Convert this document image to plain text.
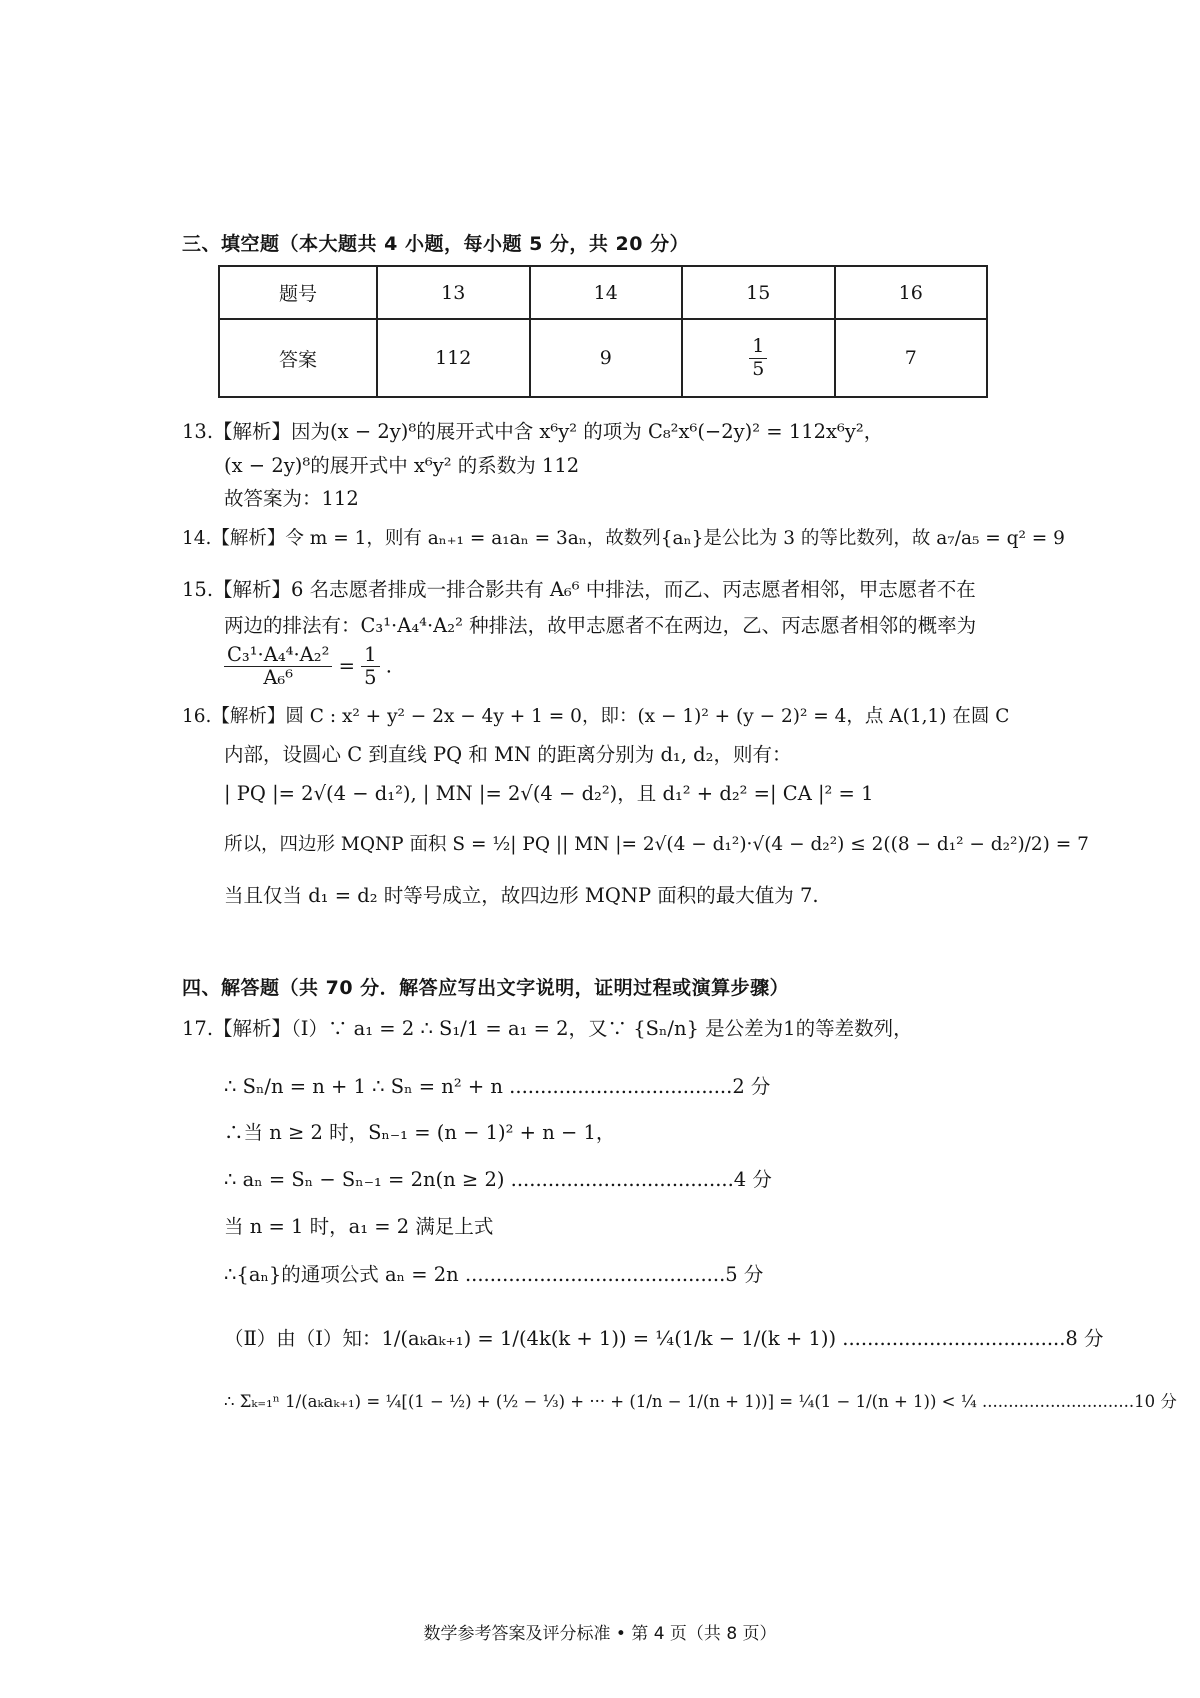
三、填空题（本大题共 4 小题，每小题 5 分，共 20 分）
题号	13	14	15	16
答案	112	9	$\frac{1}{5}$	7
13.【解析】因为(x − 2y)⁸的展开式中含 x⁶y² 的项为 C₈²x⁶(−2y)² = 112x⁶y²，
(x − 2y)⁸的展开式中 x⁶y² 的系数为 112
故答案为：112
14.【解析】令 m = 1，则有 aₙ₊₁ = a₁aₙ = 3aₙ，故数列{aₙ}是公比为 3 的等比数列，故 a₇/a₅ = q² = 9
15.【解析】6 名志愿者排成一排合影共有 A₆⁶ 中排法，而乙、丙志愿者相邻，甲志愿者不在
两边的排法有：C₃¹·A₄⁴·A₂² 种排法，故甲志愿者不在两边，乙、丙志愿者相邻的概率为
$\frac{\text{C₃¹·A₄⁴·A₂²}}{\text{A₆⁶}} = \frac{1}{5}$ .
16.【解析】圆 C : x² + y² − 2x − 4y + 1 = 0，即：(x − 1)² + (y − 2)² = 4，点 A(1,1) 在圆 C
内部，设圆心 C 到直线 PQ 和 MN 的距离分别为 d₁, d₂，则有：
| PQ |= 2√(4 − d₁²), | MN |= 2√(4 − d₂²)，且 d₁² + d₂² =| CA |² = 1
所以，四边形 MQNP 面积 S = ½| PQ || MN |= 2√(4 − d₁²)·√(4 − d₂²) ≤ 2((8 − d₁² − d₂²)/2) = 7
当且仅当 d₁ = d₂ 时等号成立，故四边形 MQNP 面积的最大值为 7.
四、解答题（共 70 分．解答应写出文字说明，证明过程或演算步骤）
17.【解析】（Ⅰ）∵ a₁ = 2 ∴ S₁/1 = a₁ = 2，又∵ {Sₙ/n} 是公差为1的等差数列，
∴ Sₙ/n = n + 1 ∴ Sₙ = n² + n ....................................2 分
∴当 n ≥ 2 时，Sₙ₋₁ = (n − 1)² + n − 1，
∴ aₙ = Sₙ − Sₙ₋₁ = 2n(n ≥ 2) ....................................4 分
当 n = 1 时，a₁ = 2 满足上式
∴{aₙ}的通项公式 aₙ = 2n ..........................................5 分
（Ⅱ）由（Ⅰ）知：1/(aₖaₖ₊₁) = 1/(4k(k + 1)) = ¼(1/k − 1/(k + 1)) ....................................8 分
∴ Σₖ₌₁ⁿ 1/(aₖaₖ₊₁) = ¼[(1 − ½) + (½ − ⅓) + ··· + (1/n − 1/(n + 1))] = ¼(1 − 1/(n + 1)) < ¼ .............................10 分
数学参考答案及评分标准 • 第 4 页（共 8 页）
